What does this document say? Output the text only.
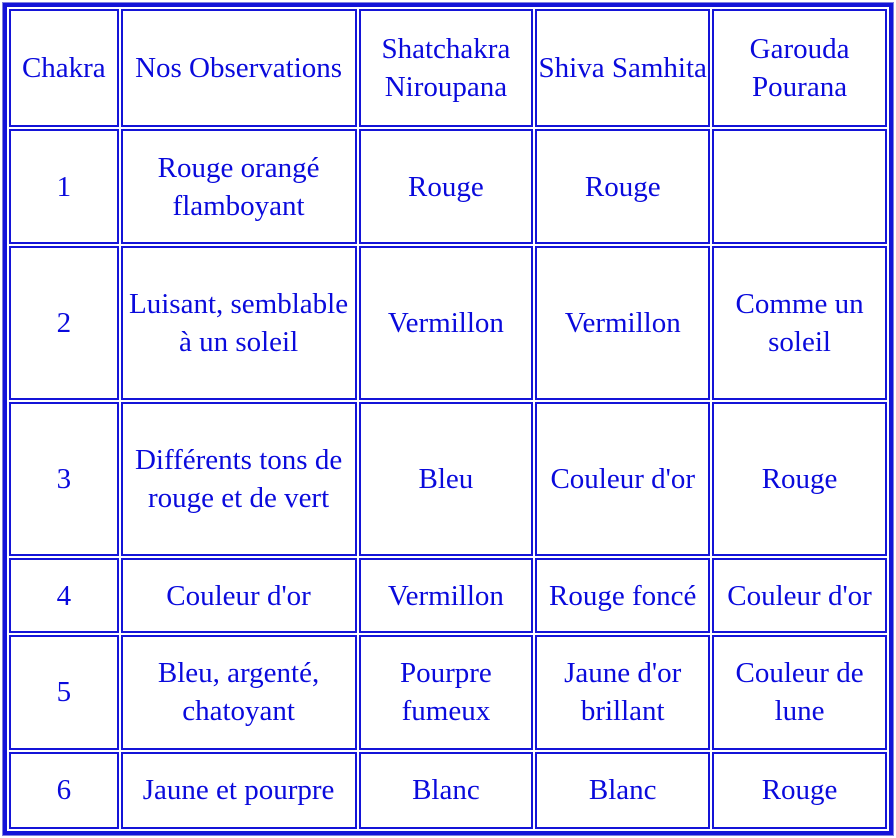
Chakra	Nos Observations	Shatchakra Niroupana	Shiva Samhita	Garouda Pourana
1	Rouge orangé flamboyant	Rouge	Rouge	
2	Luisant, semblable à un soleil	Vermillon	Vermillon	Comme un soleil
3	Différents tons de rouge et de vert	Bleu	Couleur d'or	Rouge
4	Couleur d'or	Vermillon	Rouge foncé	Couleur d'or
5	Bleu, argenté, chatoyant	Pourpre fumeux	Jaune d'or brillant	Couleur de lune
6	Jaune et pourpre	Blanc	Blanc	Rouge
